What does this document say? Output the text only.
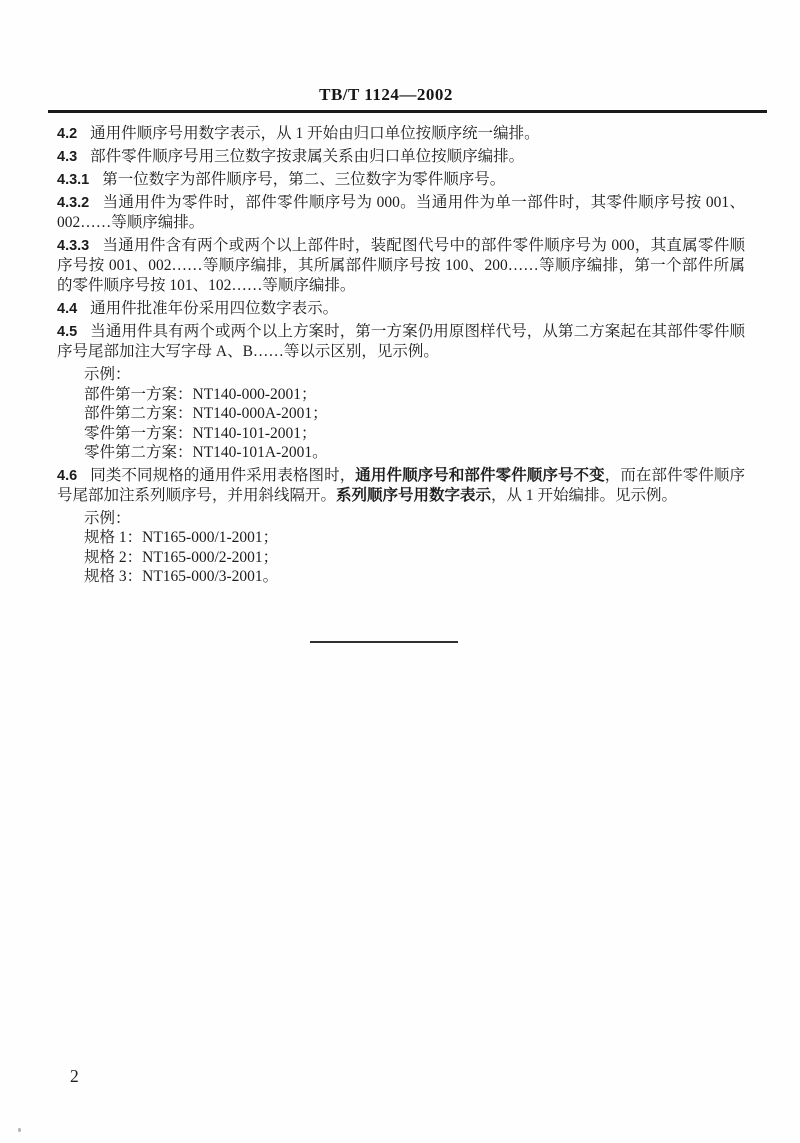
TB/T 1124—2002

4.2 通用件顺序号用数字表示，从 1 开始由归口单位按顺序统一编排。

4.3 部件零件顺序号用三位数字按隶属关系由归口单位按顺序编排。

4.3.1 第一位数字为部件顺序号，第二、三位数字为零件顺序号。

4.3.2 当通用件为零件时，部件零件顺序号为 000。当通用件为单一部件时，其零件顺序号按 001、002……等顺序编排。

4.3.3 当通用件含有两个或两个以上部件时，装配图代号中的部件零件顺序号为 000，其直属零件顺序号按 001、002……等顺序编排，其所属部件顺序号按 100、200……等顺序编排，第一个部件所属的零件顺序号按 101、102……等顺序编排。

4.4 通用件批准年份采用四位数字表示。

4.5 当通用件具有两个或两个以上方案时，第一方案仍用原图样代号，从第二方案起在其部件零件顺序号尾部加注大写字母 A、B……等以示区别，见示例。

示例：
部件第一方案：NT140-000-2001；
部件第二方案：NT140-000A-2001；
零件第一方案：NT140-101-2001；
零件第二方案：NT140-101A-2001。

4.6 同类不同规格的通用件采用表格图时，通用件顺序号和部件零件顺序号不变，而在部件零件顺序号尾部加注系列顺序号，并用斜线隔开。系列顺序号用数字表示，从 1 开始编排。见示例。

示例：
规格 1：NT165-000/1-2001；
规格 2：NT165-000/2-2001；
规格 3：NT165-000/3-2001。
2
